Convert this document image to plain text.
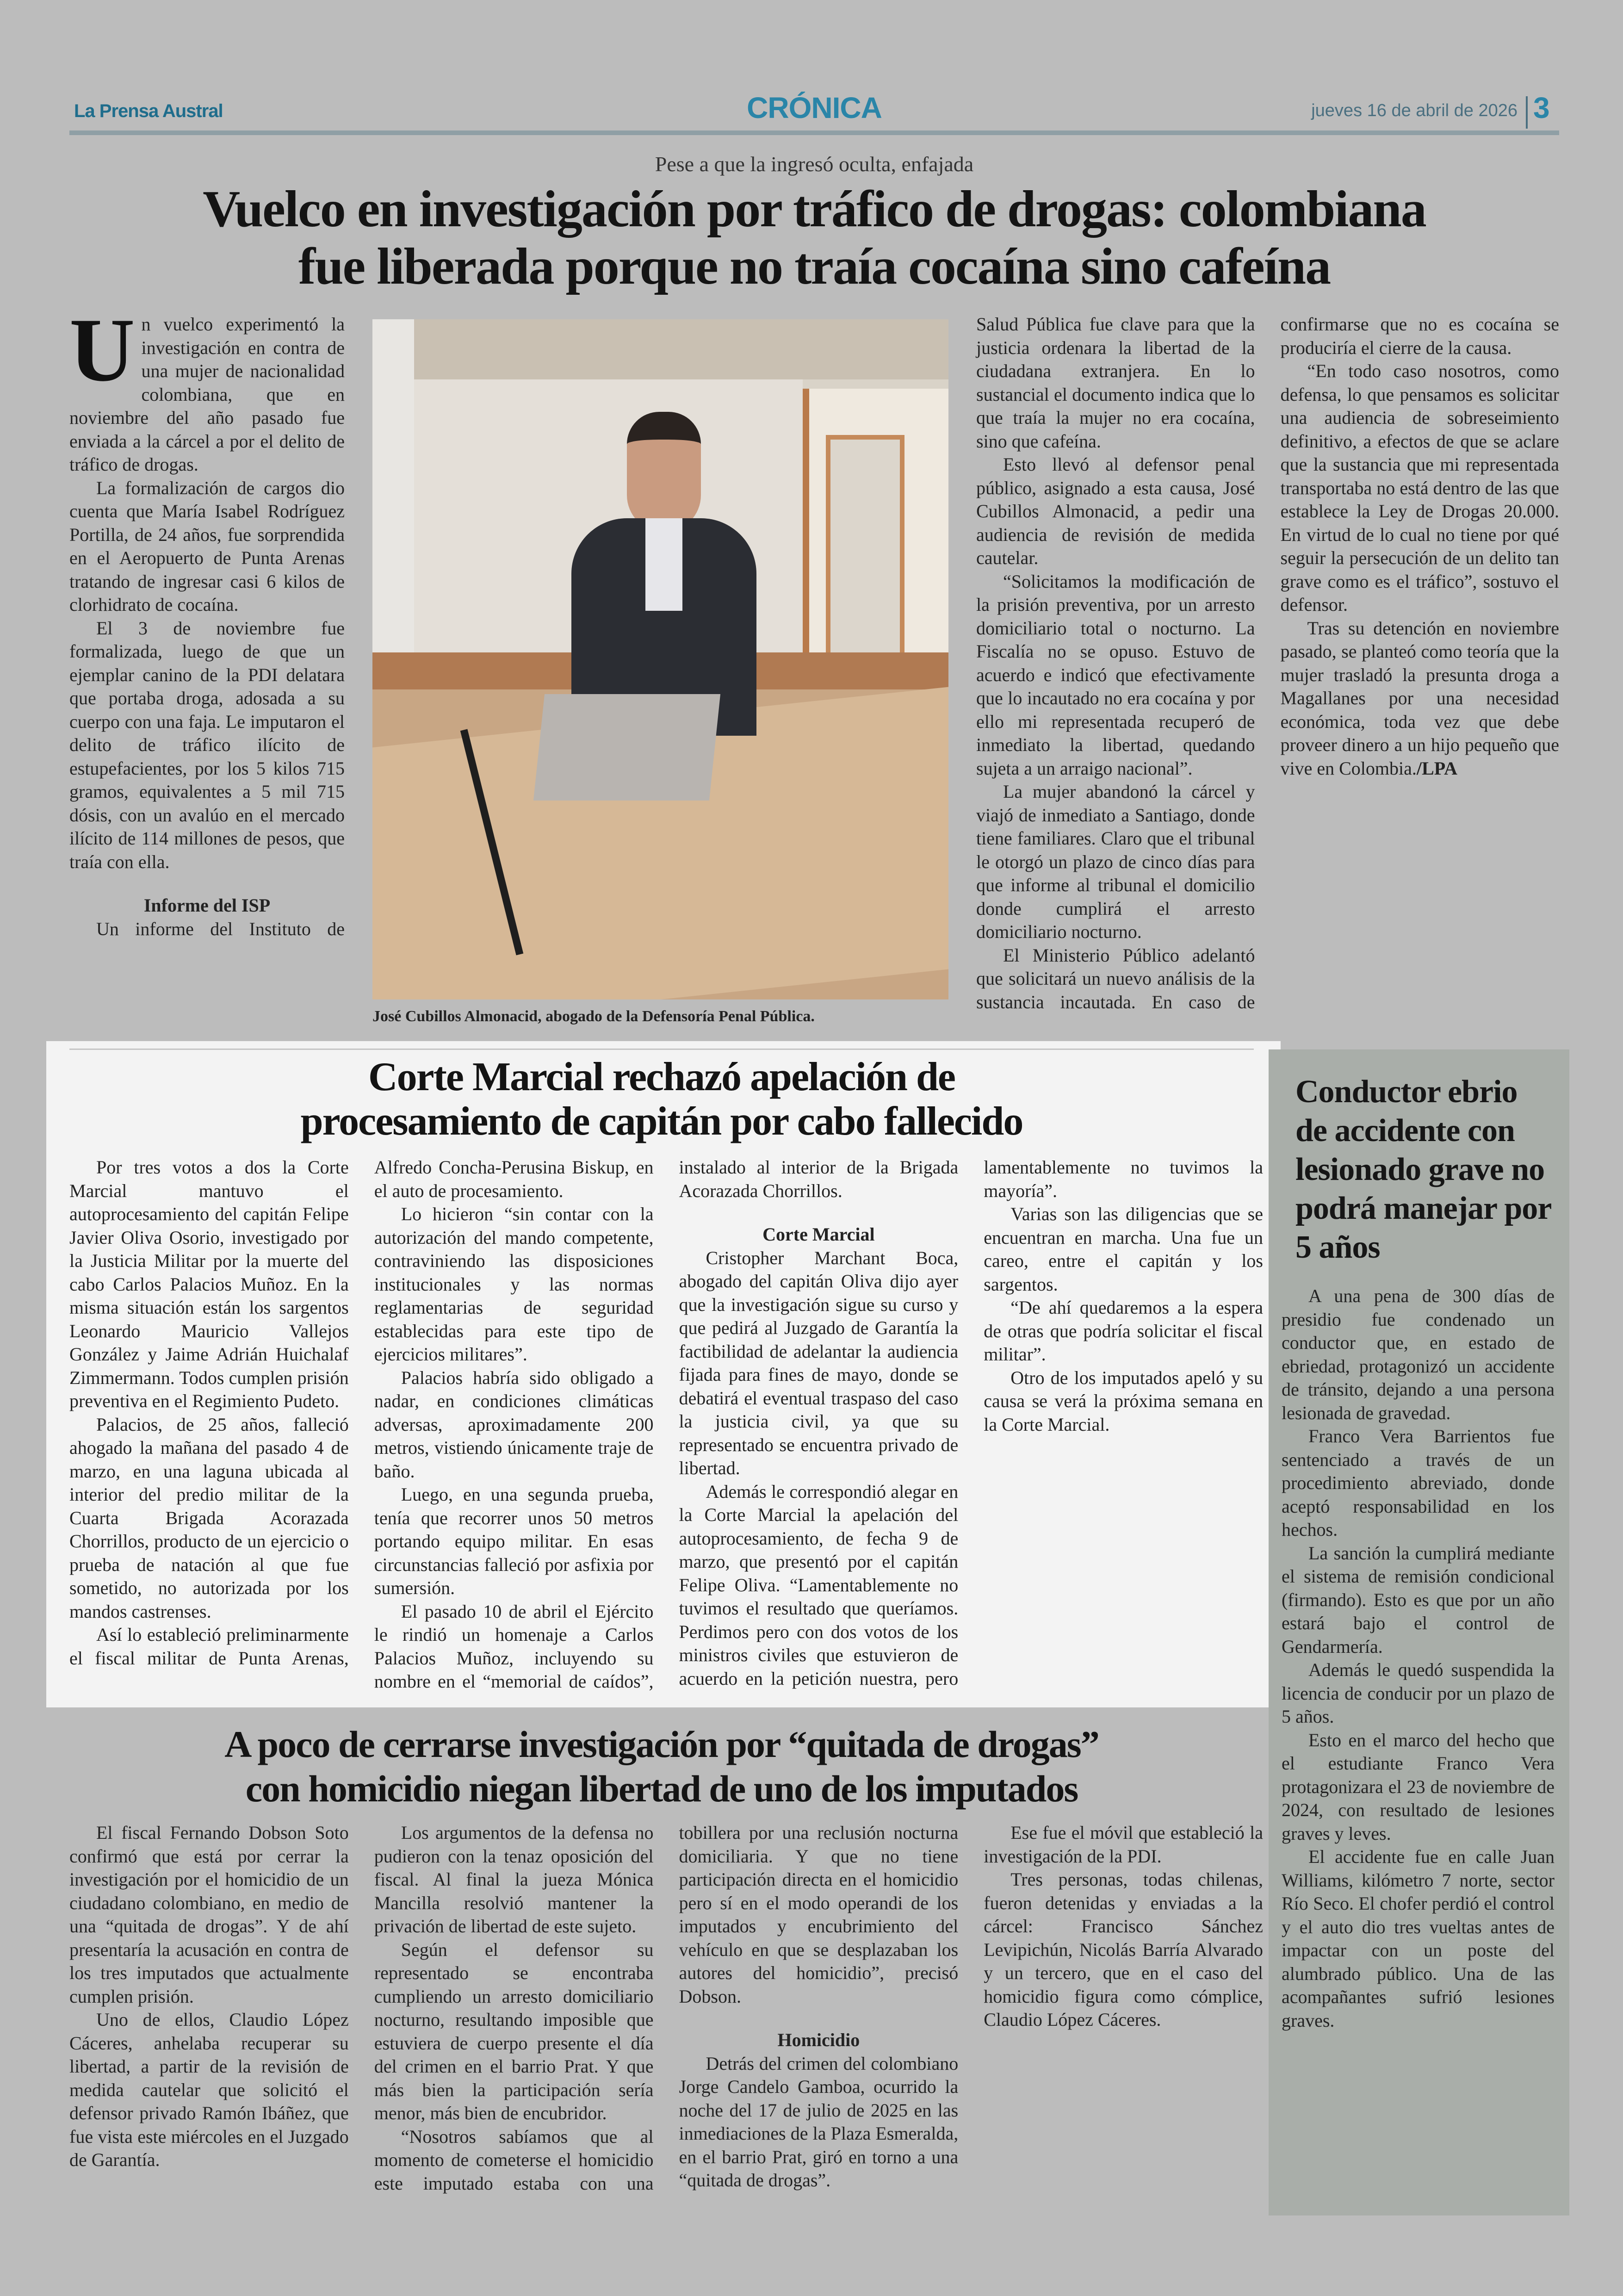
La Prensa Austral	CRÓNICA	jueves 16 de abril de 2026 3
Pese a que la ingresó oculta, enfajada
Vuelco en investigación por tráfico de drogas: colombiana
fue liberada porque no traía cocaína sino cafeína
U n vuelco experimentó la investigación en contra de una mujer de nacionalidad colombiana, que en noviembre del año pasado fue enviada a la cárcel a por el delito de tráfico de drogas.

La formalización de cargos dio cuenta que María Isabel Rodríguez Portilla, de 24 años, fue sorprendida en el Aeropuerto de Punta Arenas tratando de ingresar casi 6 kilos de clorhidrato de cocaína.

El 3 de noviembre fue formalizada, luego de que un ejemplar canino de la PDI delatara que portaba droga, adosada a su cuerpo con una faja. Le imputaron el delito de tráfico ilícito de estupefacientes, por los 5 kilos 715 gramos, equivalentes a 5 mil 715 dósis, con un avalúo en el mercado ilícito de 114 millones de pesos, que traía con ella.

Informe del ISP

Un informe del Instituto de

José Cubillos Almonacid, abogado de la Defensoría Penal Pública.

Salud Pública fue clave para que la justicia ordenara la libertad de la ciudadana extranjera. En lo sustancial el documento indica que lo que traía la mujer no era cocaína, sino que cafeína.

Esto llevó al defensor penal público, asignado a esta causa, José Cubillos Almonacid, a pedir una audiencia de revisión de medida cautelar.

“Solicitamos la modificación de la prisión preventiva, por un arresto domiciliario total o nocturno. La Fiscalía no se opuso. Estuvo de acuerdo e indicó que efectivamente que lo incautado no era cocaína y por ello mi representada recuperó de inmediato la libertad, quedando sujeta a un arraigo nacional”.

La mujer abandonó la cárcel y viajó de inmediato a Santiago, donde tiene familiares. Claro que el tribunal le otorgó un plazo de cinco días para que informe al tribunal el domicilio donde cumplirá el arresto domiciliario nocturno.

El Ministerio Público adelantó que solicitará un nuevo análisis de la sustancia incautada. En caso de confirmarse que no es cocaína se produciría el cierre de la causa.

“En todo caso nosotros, como defensa, lo que pensamos es solicitar una audiencia de sobreseimiento definitivo, a efectos de que se aclare que la sustancia que mi representada transportaba no está dentro de las que establece la Ley de Drogas 20.000. En virtud de lo cual no tiene por qué seguir la persecución de un delito tan grave como es el tráfico”, sostuvo el defensor.

Tras su detención en noviembre pasado, se planteó como teoría que la mujer trasladó la presunta droga a Magallanes por una necesidad económica, toda vez que debe proveer dinero a un hijo pequeño que vive en Colombia./LPA

Corte Marcial rechazó apelación de
procesamiento de capitán por cabo fallecido

Por tres votos a dos la Corte Marcial mantuvo el autoprocesamiento del capitán Felipe Javier Oliva Osorio, investigado por la Justicia Militar por la muerte del cabo Carlos Palacios Muñoz. En la misma situación están los sargentos Leonardo Mauricio Vallejos González y Jaime Adrián Huichalaf Zimmermann. Todos cumplen prisión preventiva en el Regimiento Pudeto.

Palacios, de 25 años, falleció ahogado la mañana del pasado 4 de marzo, en una laguna ubicada al interior del predio militar de la Cuarta Brigada Acorazada Chorrillos, producto de un ejercicio o prueba de natación al que fue sometido, no autorizada por los mandos castrenses.

Así lo estableció preliminarmente el fiscal militar de Punta Arenas, Alfredo Concha-Perusina Biskup, en el auto de procesamiento.

Lo hicieron “sin contar con la autorización del mando competente, contraviniendo las disposiciones institucionales y las normas reglamentarias de seguridad establecidas para este tipo de ejercicios militares”.

Palacios habría sido obligado a nadar, en condiciones climáticas adversas, aproximadamente 200 metros, vistiendo únicamente traje de baño.

Luego, en una segunda prueba, tenía que recorrer unos 50 metros portando equipo militar. En esas circunstancias falleció por asfixia por sumersión.

El pasado 10 de abril el Ejército le rindió un homenaje a Carlos Palacios Muñoz, incluyendo su nombre en el “memorial de caídos”, instalado al interior de la Brigada Acorazada Chorrillos.

Corte Marcial

Cristopher Marchant Boca, abogado del capitán Oliva dijo ayer que la investigación sigue su curso y que pedirá al Juzgado de Garantía la factibilidad de adelantar la audiencia fijada para fines de mayo, donde se debatirá el eventual traspaso del caso la justicia civil, ya que su representado se encuentra privado de libertad.

Además le correspondió alegar en la Corte Marcial la apelación del autoprocesamiento, de fecha 9 de marzo, que presentó por el capitán Felipe Oliva. “Lamentablemente no tuvimos el resultado que queríamos. Perdimos pero con dos votos de los ministros civiles que estuvieron de acuerdo en la petición nuestra, pero lamentablemente no tuvimos la mayoría”.

Varias son las diligencias que se encuentran en marcha. Una fue un careo, entre el capitán y los sargentos.

“De ahí quedaremos a la espera de otras que podría solicitar el fiscal militar”.

Otro de los imputados apeló y su causa se verá la próxima semana en la Corte Marcial.

Conductor ebrio de accidente con lesionado grave no podrá manejar por 5 años

A una pena de 300 días de presidio fue condenado un conductor que, en estado de ebriedad, protagonizó un accidente de tránsito, dejando a una persona lesionada de gravedad.

Franco Vera Barrientos fue sentenciado a través de un procedimiento abreviado, donde aceptó responsabilidad en los hechos.

La sanción la cumplirá mediante el sistema de remisión condicional (firmando). Esto es que por un año estará bajo el control de Gendarmería.

Además le quedó suspendida la licencia de conducir por un plazo de 5 años.

Esto en el marco del hecho que el estudiante Franco Vera protagonizara el 23 de noviembre de 2024, con resultado de lesiones graves y leves.

El accidente fue en calle Juan Williams, kilómetro 7 norte, sector Río Seco. El chofer perdió el control y el auto dio tres vueltas antes de impactar con un poste del alumbrado público. Una de las acompañantes sufrió lesiones graves.

A poco de cerrarse investigación por “quitada de drogas”
con homicidio niegan libertad de uno de los imputados

El fiscal Fernando Dobson Soto confirmó que está por cerrar la investigación por el homicidio de un ciudadano colombiano, en medio de una “quitada de drogas”. Y de ahí presentaría la acusación en contra de los tres imputados que actualmente cumplen prisión.

Uno de ellos, Claudio López Cáceres, anhelaba recuperar su libertad, a partir de la revisión de medida cautelar que solicitó el defensor privado Ramón Ibáñez, que fue vista este miércoles en el Juzgado de Garantía.

Los argumentos de la defensa no pudieron con la tenaz oposición del fiscal. Al final la jueza Mónica Mancilla resolvió mantener la privación de libertad de este sujeto.

Según el defensor su representado se encontraba cumpliendo un arresto domiciliario nocturno, resultando imposible que estuviera de cuerpo presente el día del crimen en el barrio Prat. Y que más bien la participación sería menor, más bien de encubridor.

“Nosotros sabíamos que al momento de cometerse el homicidio este imputado estaba con una tobillera por una reclusión nocturna domiciliaria. Y que no tiene participación directa en el homicidio pero sí en el modo operandi de los imputados y encubrimiento del vehículo en que se desplazaban los autores del homicidio”, precisó Dobson.

Homicidio

Detrás del crimen del colombiano Jorge Candelo Gamboa, ocurrido la noche del 17 de julio de 2025 en las inmediaciones de la Plaza Esmeralda, en el barrio Prat, giró en torno a una “quitada de drogas”.

Ese fue el móvil que estableció la investigación de la PDI.

Tres personas, todas chilenas, fueron detenidas y enviadas a la cárcel: Francisco Sánchez Levipichún, Nicolás Barría Alvarado y un tercero, que en el caso del homicidio figura como cómplice, Claudio López Cáceres.
